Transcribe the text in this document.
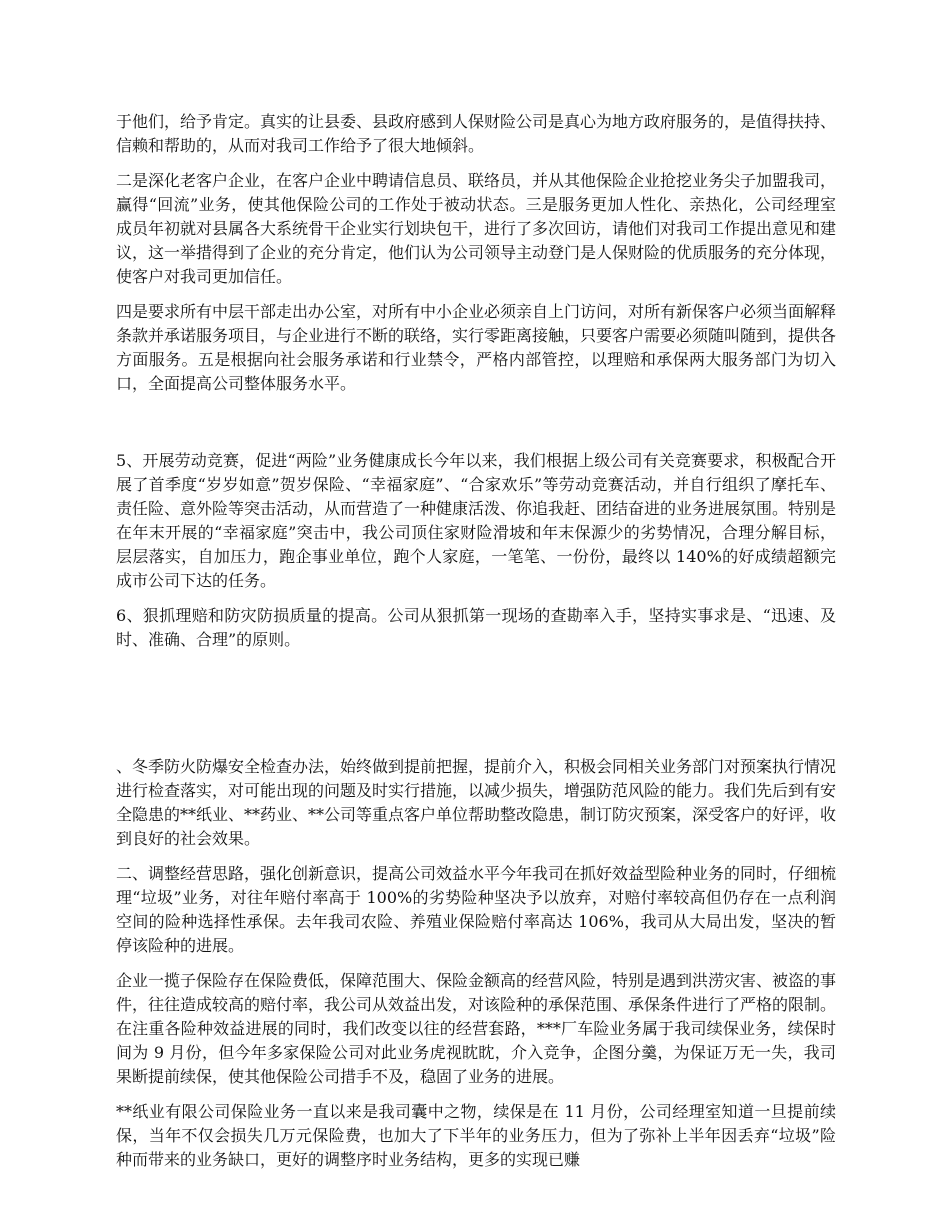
于他们，给予肯定。真实的让县委、县政府感到人保财险公司是真心为地方政府服务的，是值得扶持、信赖和帮助的，从而对我司工作给予了很大地倾斜。

二是深化老客户企业，在客户企业中聘请信息员、联络员，并从其他保险企业抢挖业务尖子加盟我司，赢得“回流”业务，使其他保险公司的工作处于被动状态。三是服务更加人性化、亲热化，公司经理室成员年初就对县属各大系统骨干企业实行划块包干，进行了多次回访，请他们对我司工作提出意见和建议，这一举措得到了企业的充分肯定，他们认为公司领导主动登门是人保财险的优质服务的充分体现，使客户对我司更加信任。

四是要求所有中层干部走出办公室，对所有中小企业必须亲自上门访问，对所有新保客户必须当面解释条款并承诺服务项目，与企业进行不断的联络，实行零距离接触，只要客户需要必须随叫随到，提供各方面服务。五是根据向社会服务承诺和行业禁令，严格内部管控，以理赔和承保两大服务部门为切入口，全面提高公司整体服务水平。

5、开展劳动竞赛，促进“两险”业务健康成长今年以来，我们根据上级公司有关竞赛要求，积极配合开展了首季度“岁岁如意”贺岁保险、“幸福家庭”、“合家欢乐”等劳动竞赛活动，并自行组织了摩托车、责任险、意外险等突击活动，从而营造了一种健康活泼、你追我赶、团结奋进的业务进展氛围。特别是在年末开展的“幸福家庭”突击中，我公司顶住家财险滑坡和年末保源少的劣势情况，合理分解目标，层层落实，自加压力，跑企事业单位，跑个人家庭，一笔笔、一份份，最终以 140%的好成绩超额完成市公司下达的任务。

6、狠抓理赔和防灾防损质量的提高。公司从狠抓第一现场的查勘率入手，坚持实事求是、“迅速、及时、准确、合理”的原则。

、冬季防火防爆安全检查办法，始终做到提前把握，提前介入，积极会同相关业务部门对预案执行情况进行检查落实，对可能出现的问题及时实行措施，以减少损失，增强防范风险的能力。我们先后到有安全隐患的**纸业、**药业、**公司等重点客户单位帮助整改隐患，制订防灾预案，深受客户的好评，收到良好的社会效果。

二、调整经营思路，强化创新意识，提高公司效益水平今年我司在抓好效益型险种业务的同时，仔细梳理“垃圾”业务，对往年赔付率高于 100%的劣势险种坚决予以放弃，对赔付率较高但仍存在一点利润空间的险种选择性承保。去年我司农险、养殖业保险赔付率高达 106%，我司从大局出发，坚决的暂停该险种的进展。

企业一揽子保险存在保险费低，保障范围大、保险金额高的经营风险，特别是遇到洪涝灾害、被盗的事件，往往造成较高的赔付率，我公司从效益出发，对该险种的承保范围、承保条件进行了严格的限制。在注重各险种效益进展的同时，我们改变以往的经营套路，***厂车险业务属于我司续保业务，续保时间为 9 月份，但今年多家保险公司对此业务虎视眈眈，介入竞争，企图分羹，为保证万无一失，我司果断提前续保，使其他保险公司措手不及，稳固了业务的进展。

**纸业有限公司保险业务一直以来是我司囊中之物，续保是在 11 月份，公司经理室知道一旦提前续保，当年不仅会损失几万元保险费，也加大了下半年的业务压力，但为了弥补上半年因丢弃“垃圾”险种而带来的业务缺口，更好的调整序时业务结构，更多的实现已赚
